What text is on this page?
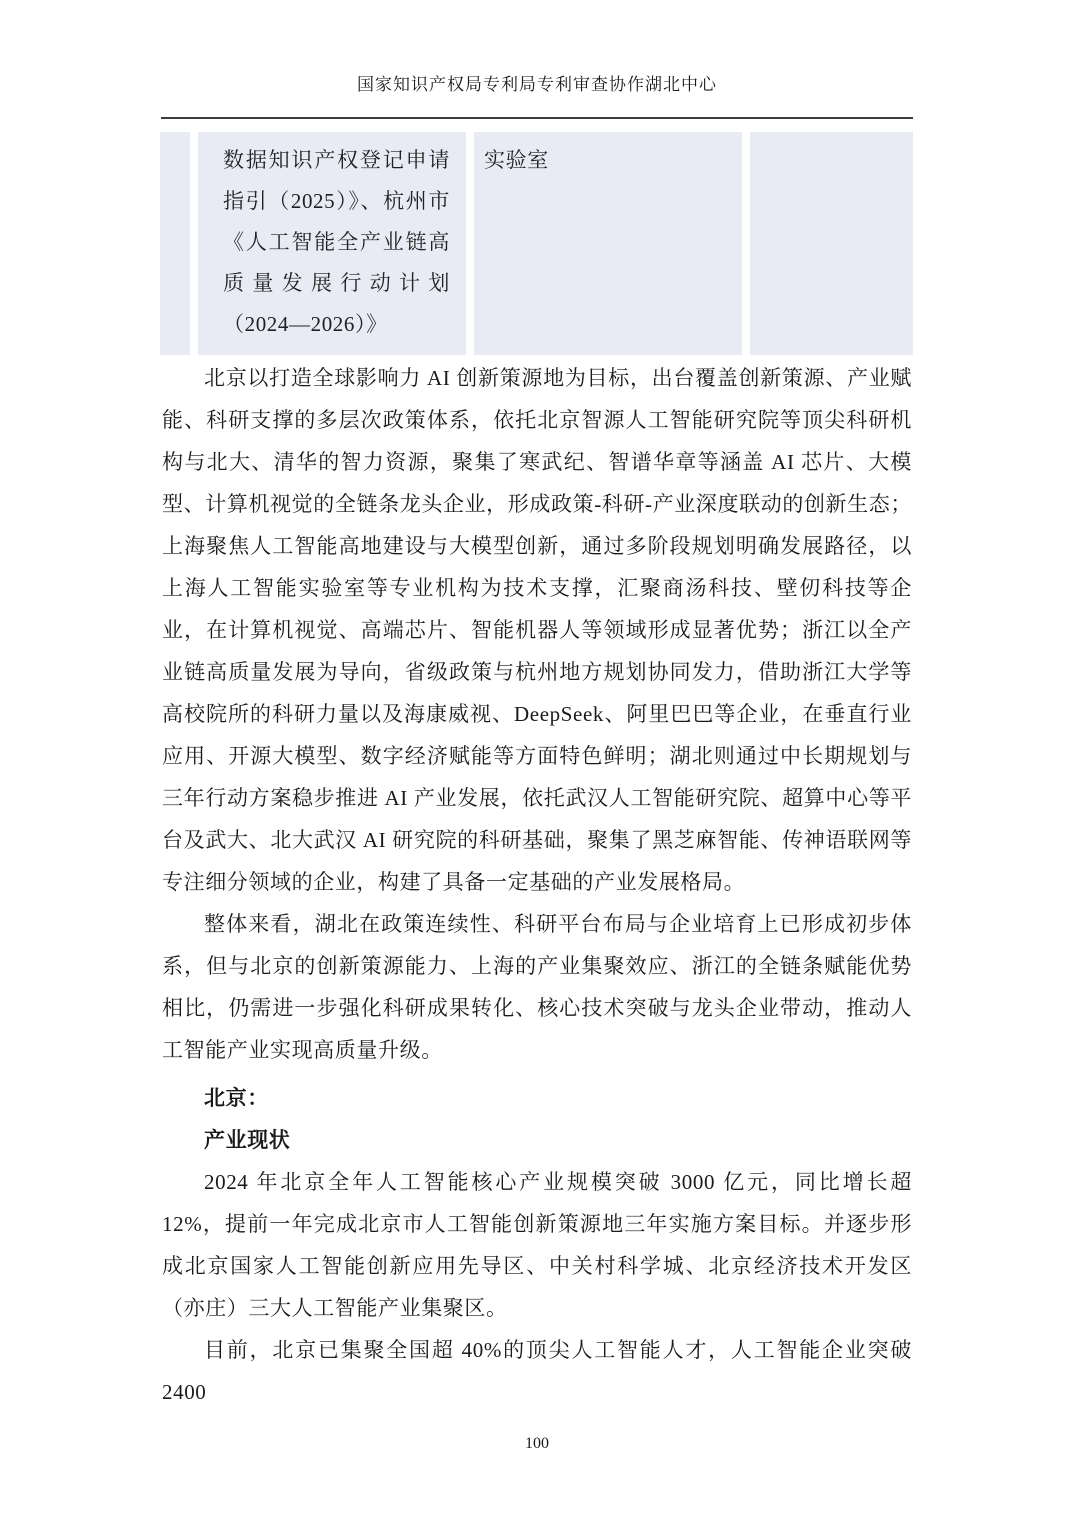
国家知识产权局专利局专利审查协作湖北中心
数据知识产权登记申请指引（2025）》、杭州市《人工智能全产业链高质量发展行动计划（2024—2026）》
实验室

北京以打造全球影响力 AI 创新策源地为目标，出台覆盖创新策源、产业赋能、科研支撑的多层次政策体系，依托北京智源人工智能研究院等顶尖科研机构与北大、清华的智力资源，聚集了寒武纪、智谱华章等涵盖 AI 芯片、大模型、计算机视觉的全链条龙头企业，形成政策-科研-产业深度联动的创新生态；上海聚焦人工智能高地建设与大模型创新，通过多阶段规划明确发展路径，以上海人工智能实验室等专业机构为技术支撑，汇聚商汤科技、壁仞科技等企业，在计算机视觉、高端芯片、智能机器人等领域形成显著优势；浙江以全产业链高质量发展为导向，省级政策与杭州地方规划协同发力，借助浙江大学等高校院所的科研力量以及海康威视、DeepSeek、阿里巴巴等企业，在垂直行业应用、开源大模型、数字经济赋能等方面特色鲜明；湖北则通过中长期规划与三年行动方案稳步推进 AI 产业发展，依托武汉人工智能研究院、超算中心等平台及武大、北大武汉 AI 研究院的科研基础，聚集了黑芝麻智能、传神语联网等专注细分领域的企业，构建了具备一定基础的产业发展格局。

整体来看，湖北在政策连续性、科研平台布局与企业培育上已形成初步体系，但与北京的创新策源能力、上海的产业集聚效应、浙江的全链条赋能优势相比，仍需进一步强化科研成果转化、核心技术突破与龙头企业带动，推动人工智能产业实现高质量升级。

北京：

产业现状

2024 年北京全年人工智能核心产业规模突破 3000 亿元，同比增长超 12%，提前一年完成北京市人工智能创新策源地三年实施方案目标。并逐步形成北京国家人工智能创新应用先导区、中关村科学城、北京经济技术开发区（亦庄）三大人工智能产业集聚区。

目前，北京已集聚全国超 40%的顶尖人工智能人才，人工智能企业突破 2400

100
